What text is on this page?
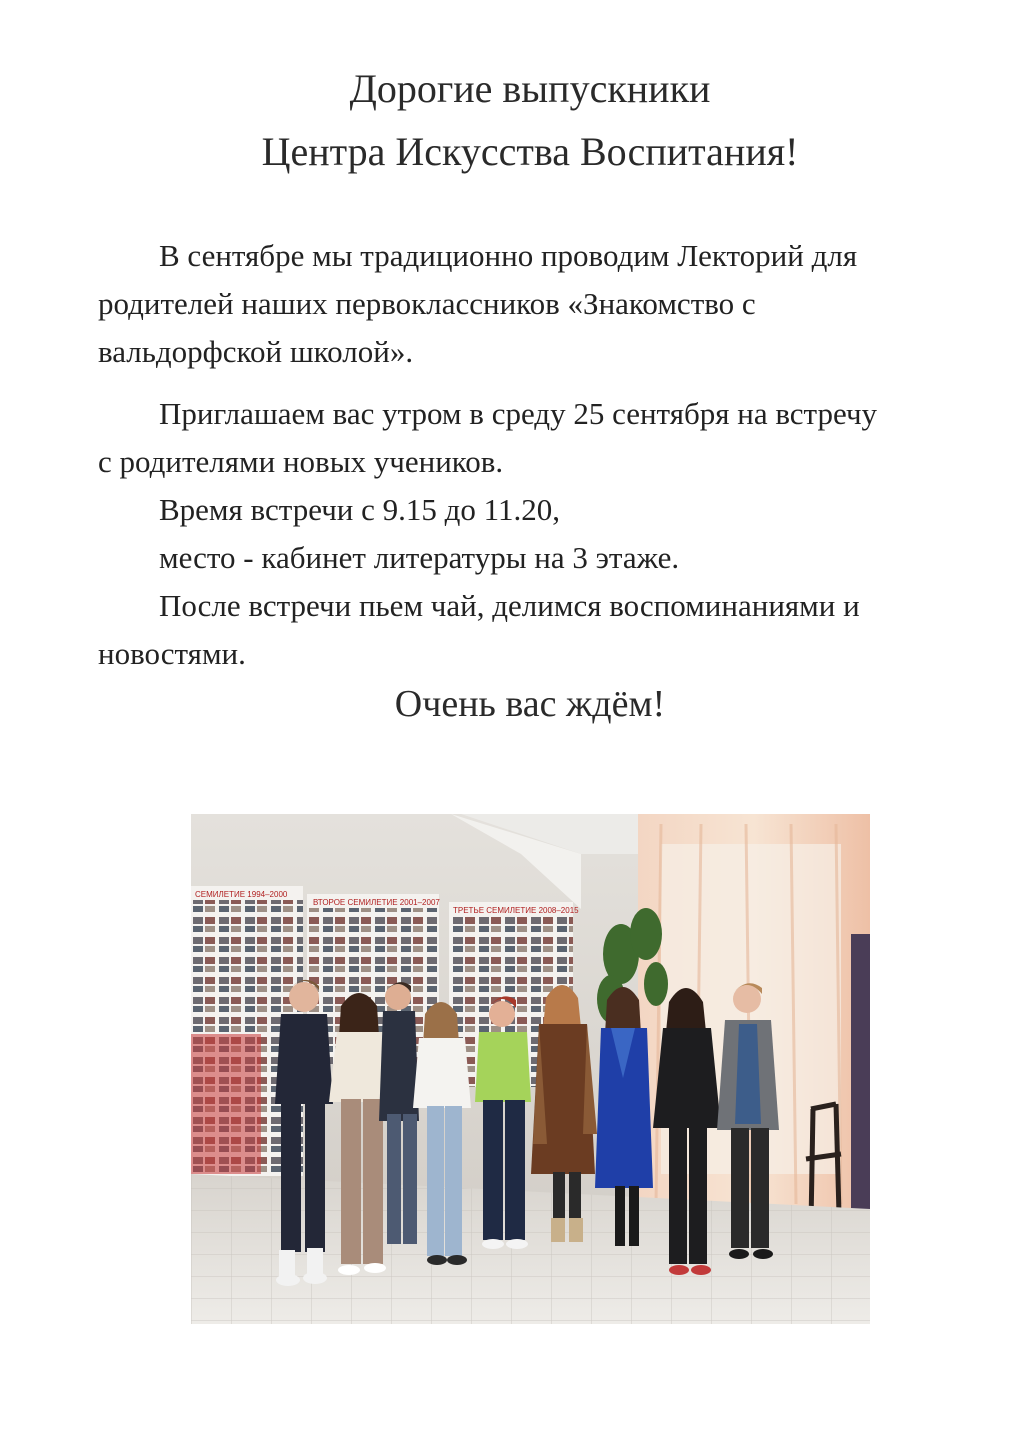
Дорогие выпускники
Центра Искусства Воспитания!
В сентябре мы традиционно проводим Лекторий для
родителей наших первоклассников «Знакомство с
вальдорфской школой».
Приглашаем вас утром в среду 25 сентября на встречу
с родителями новых учеников.
Время встречи с 9.15 до 11.20,
место - кабинет литературы на 3 этаже.
После встречи пьем чай, делимся воспоминаниями и
новостями.
Очень вас ждём!
СЕМИЛЕТИЕ 1994–2000
ВТОРОЕ СЕМИЛЕТИЕ 2001–2007
ТРЕТЬЕ СЕМИЛЕТИЕ 2008–2015
